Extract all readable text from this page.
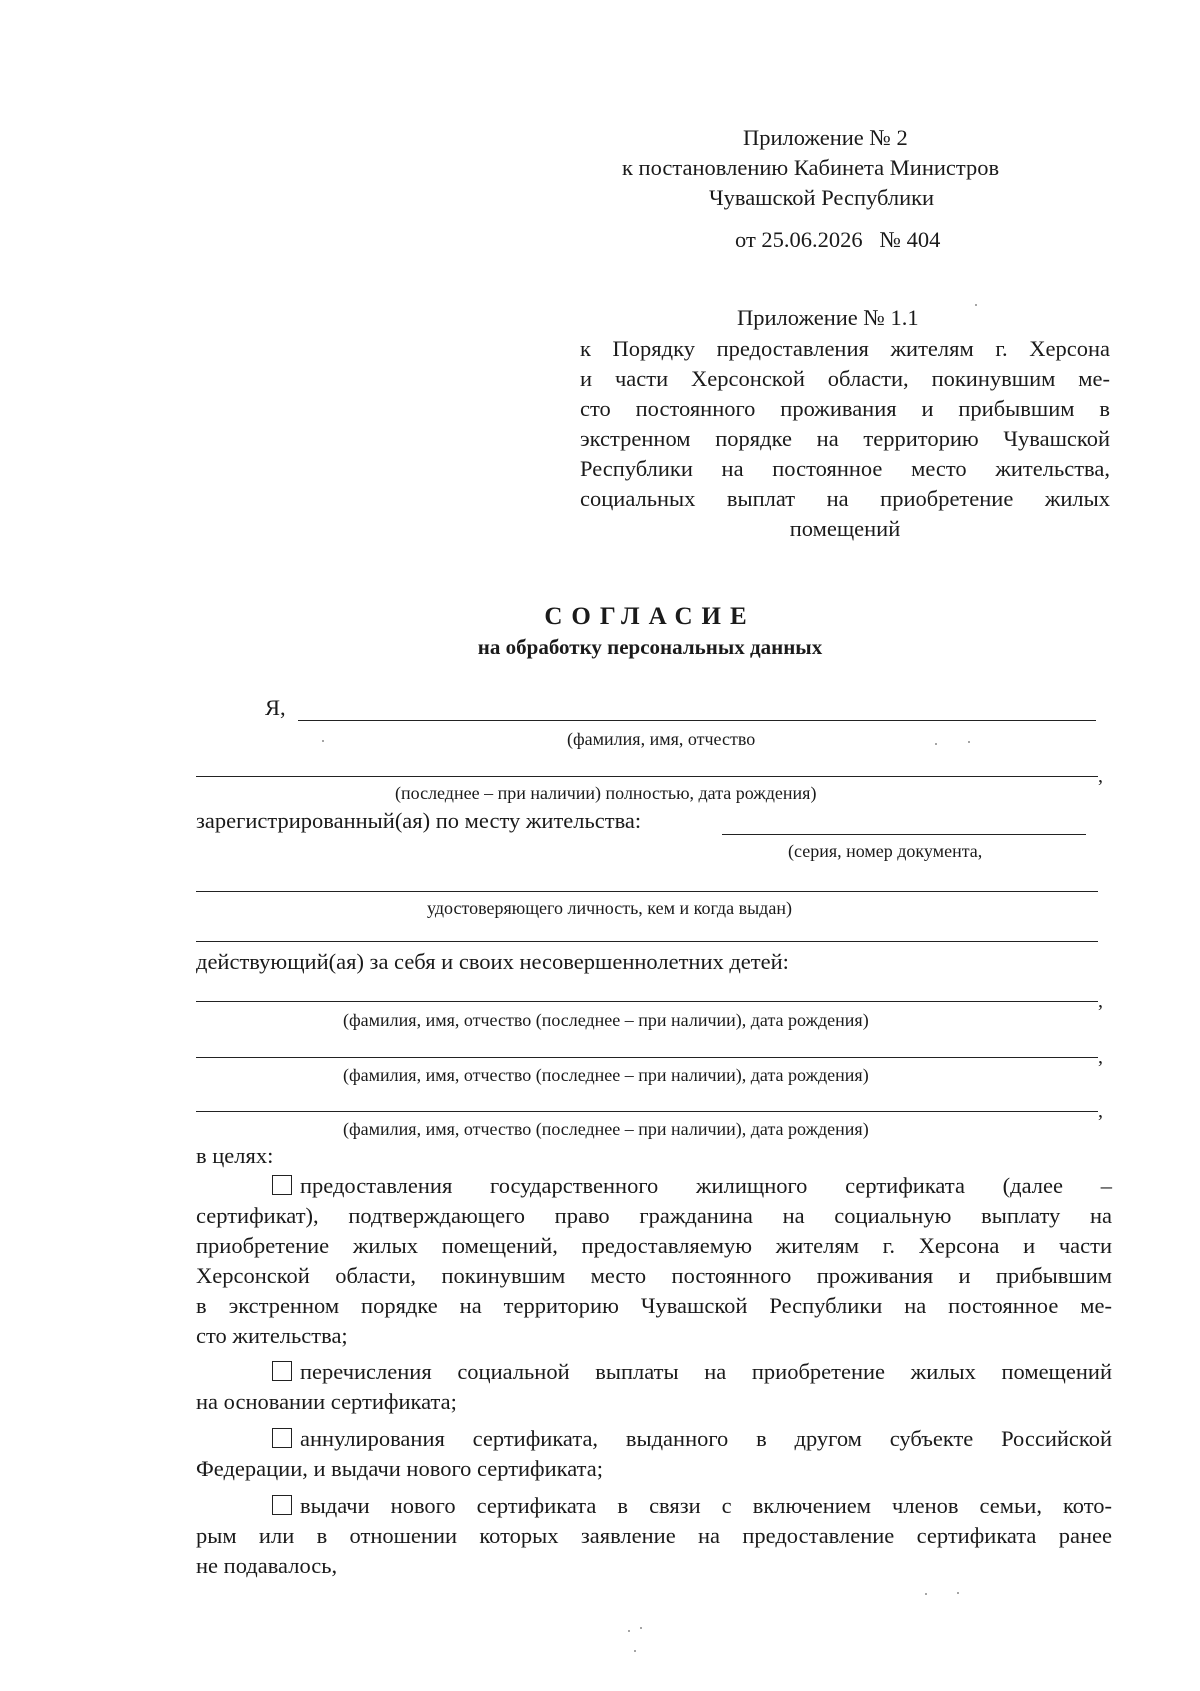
Приложение № 2
к постановлению Кабинета Министров
Чувашской Республики
от 25.06.2026   № 404
Приложение № 1.1
к Порядку предоставления жителям г. Херсона
и части Херсонской области, покинувшим ме-
сто постоянного проживания и прибывшим в
экстренном порядке на территорию Чувашской
Республики на постоянное место жительства,
социальных выплат на приобретение жилых
помещений
СОГЛАСИЕ
на обработку персональных данных
Я,
(фамилия, имя, отчество
,
(последнее – при наличии) полностью, дата рождения)
зарегистрированный(ая) по месту жительства:
(серия, номер документа,
удостоверяющего личность, кем и когда выдан)
действующий(ая) за себя и своих несовершеннолетних детей:
,
(фамилия, имя, отчество (последнее – при наличии), дата рождения)
,
(фамилия, имя, отчество (последнее – при наличии), дата рождения)
,
(фамилия, имя, отчество (последнее – при наличии), дата рождения)
в целях:
предоставления государственного жилищного сертификата (далее –
сертификат), подтверждающего право гражданина на социальную выплату на
приобретение жилых помещений, предоставляемую жителям г. Херсона и части
Херсонской области, покинувшим место постоянного проживания и прибывшим
в экстренном порядке на территорию Чувашской Республики на постоянное ме-
сто жительства;
перечисления социальной выплаты на приобретение жилых помещений
на основании сертификата;
аннулирования сертификата, выданного в другом субъекте Российской
Федерации, и выдачи нового сертификата;
выдачи нового сертификата в связи с включением членов семьи, кото-
рым или в отношении которых заявление на предоставление сертификата ранее
не подавалось,
